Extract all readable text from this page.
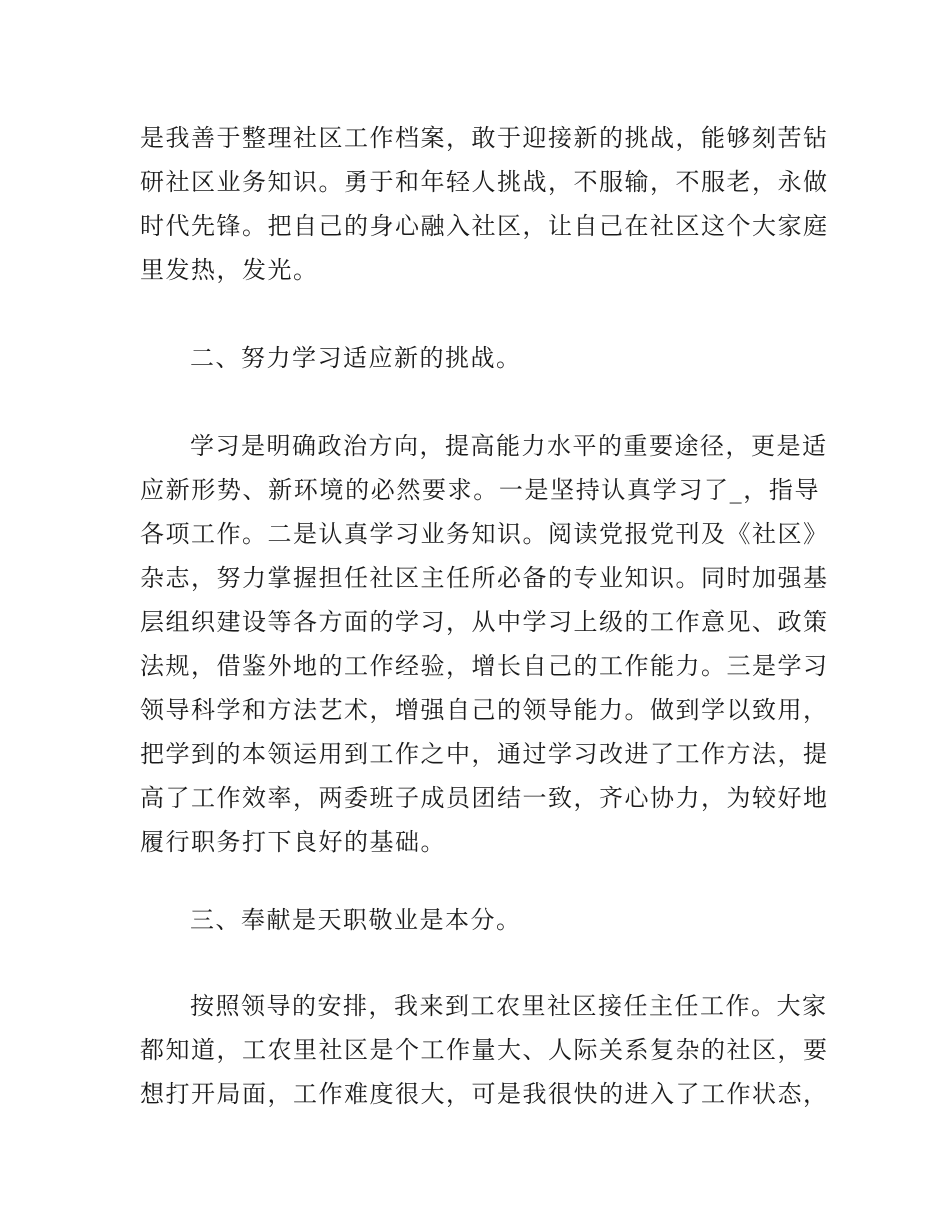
是我善于整理社区工作档案，敢于迎接新的挑战，能够刻苦钻
研社区业务知识。勇于和年轻人挑战，不服输，不服老，永做
时代先锋。把自己的身心融入社区，让自己在社区这个大家庭
里发热，发光。
二、努力学习适应新的挑战。
学习是明确政治方向，提高能力水平的重要途径，更是适
应新形势、新环境的必然要求。一是坚持认真学习了_，指导
各项工作。二是认真学习业务知识。阅读党报党刊及《社区》
杂志，努力掌握担任社区主任所必备的专业知识。同时加强基
层组织建设等各方面的学习，从中学习上级的工作意见、政策
法规，借鉴外地的工作经验，增长自己的工作能力。三是学习
领导科学和方法艺术，增强自己的领导能力。做到学以致用，
把学到的本领运用到工作之中，通过学习改进了工作方法，提
高了工作效率，两委班子成员团结一致，齐心协力，为较好地
履行职务打下良好的基础。
三、奉献是天职敬业是本分。
按照领导的安排，我来到工农里社区接任主任工作。大家
都知道，工农里社区是个工作量大、人际关系复杂的社区，要
想打开局面，工作难度很大，可是我很快的进入了工作状态，
